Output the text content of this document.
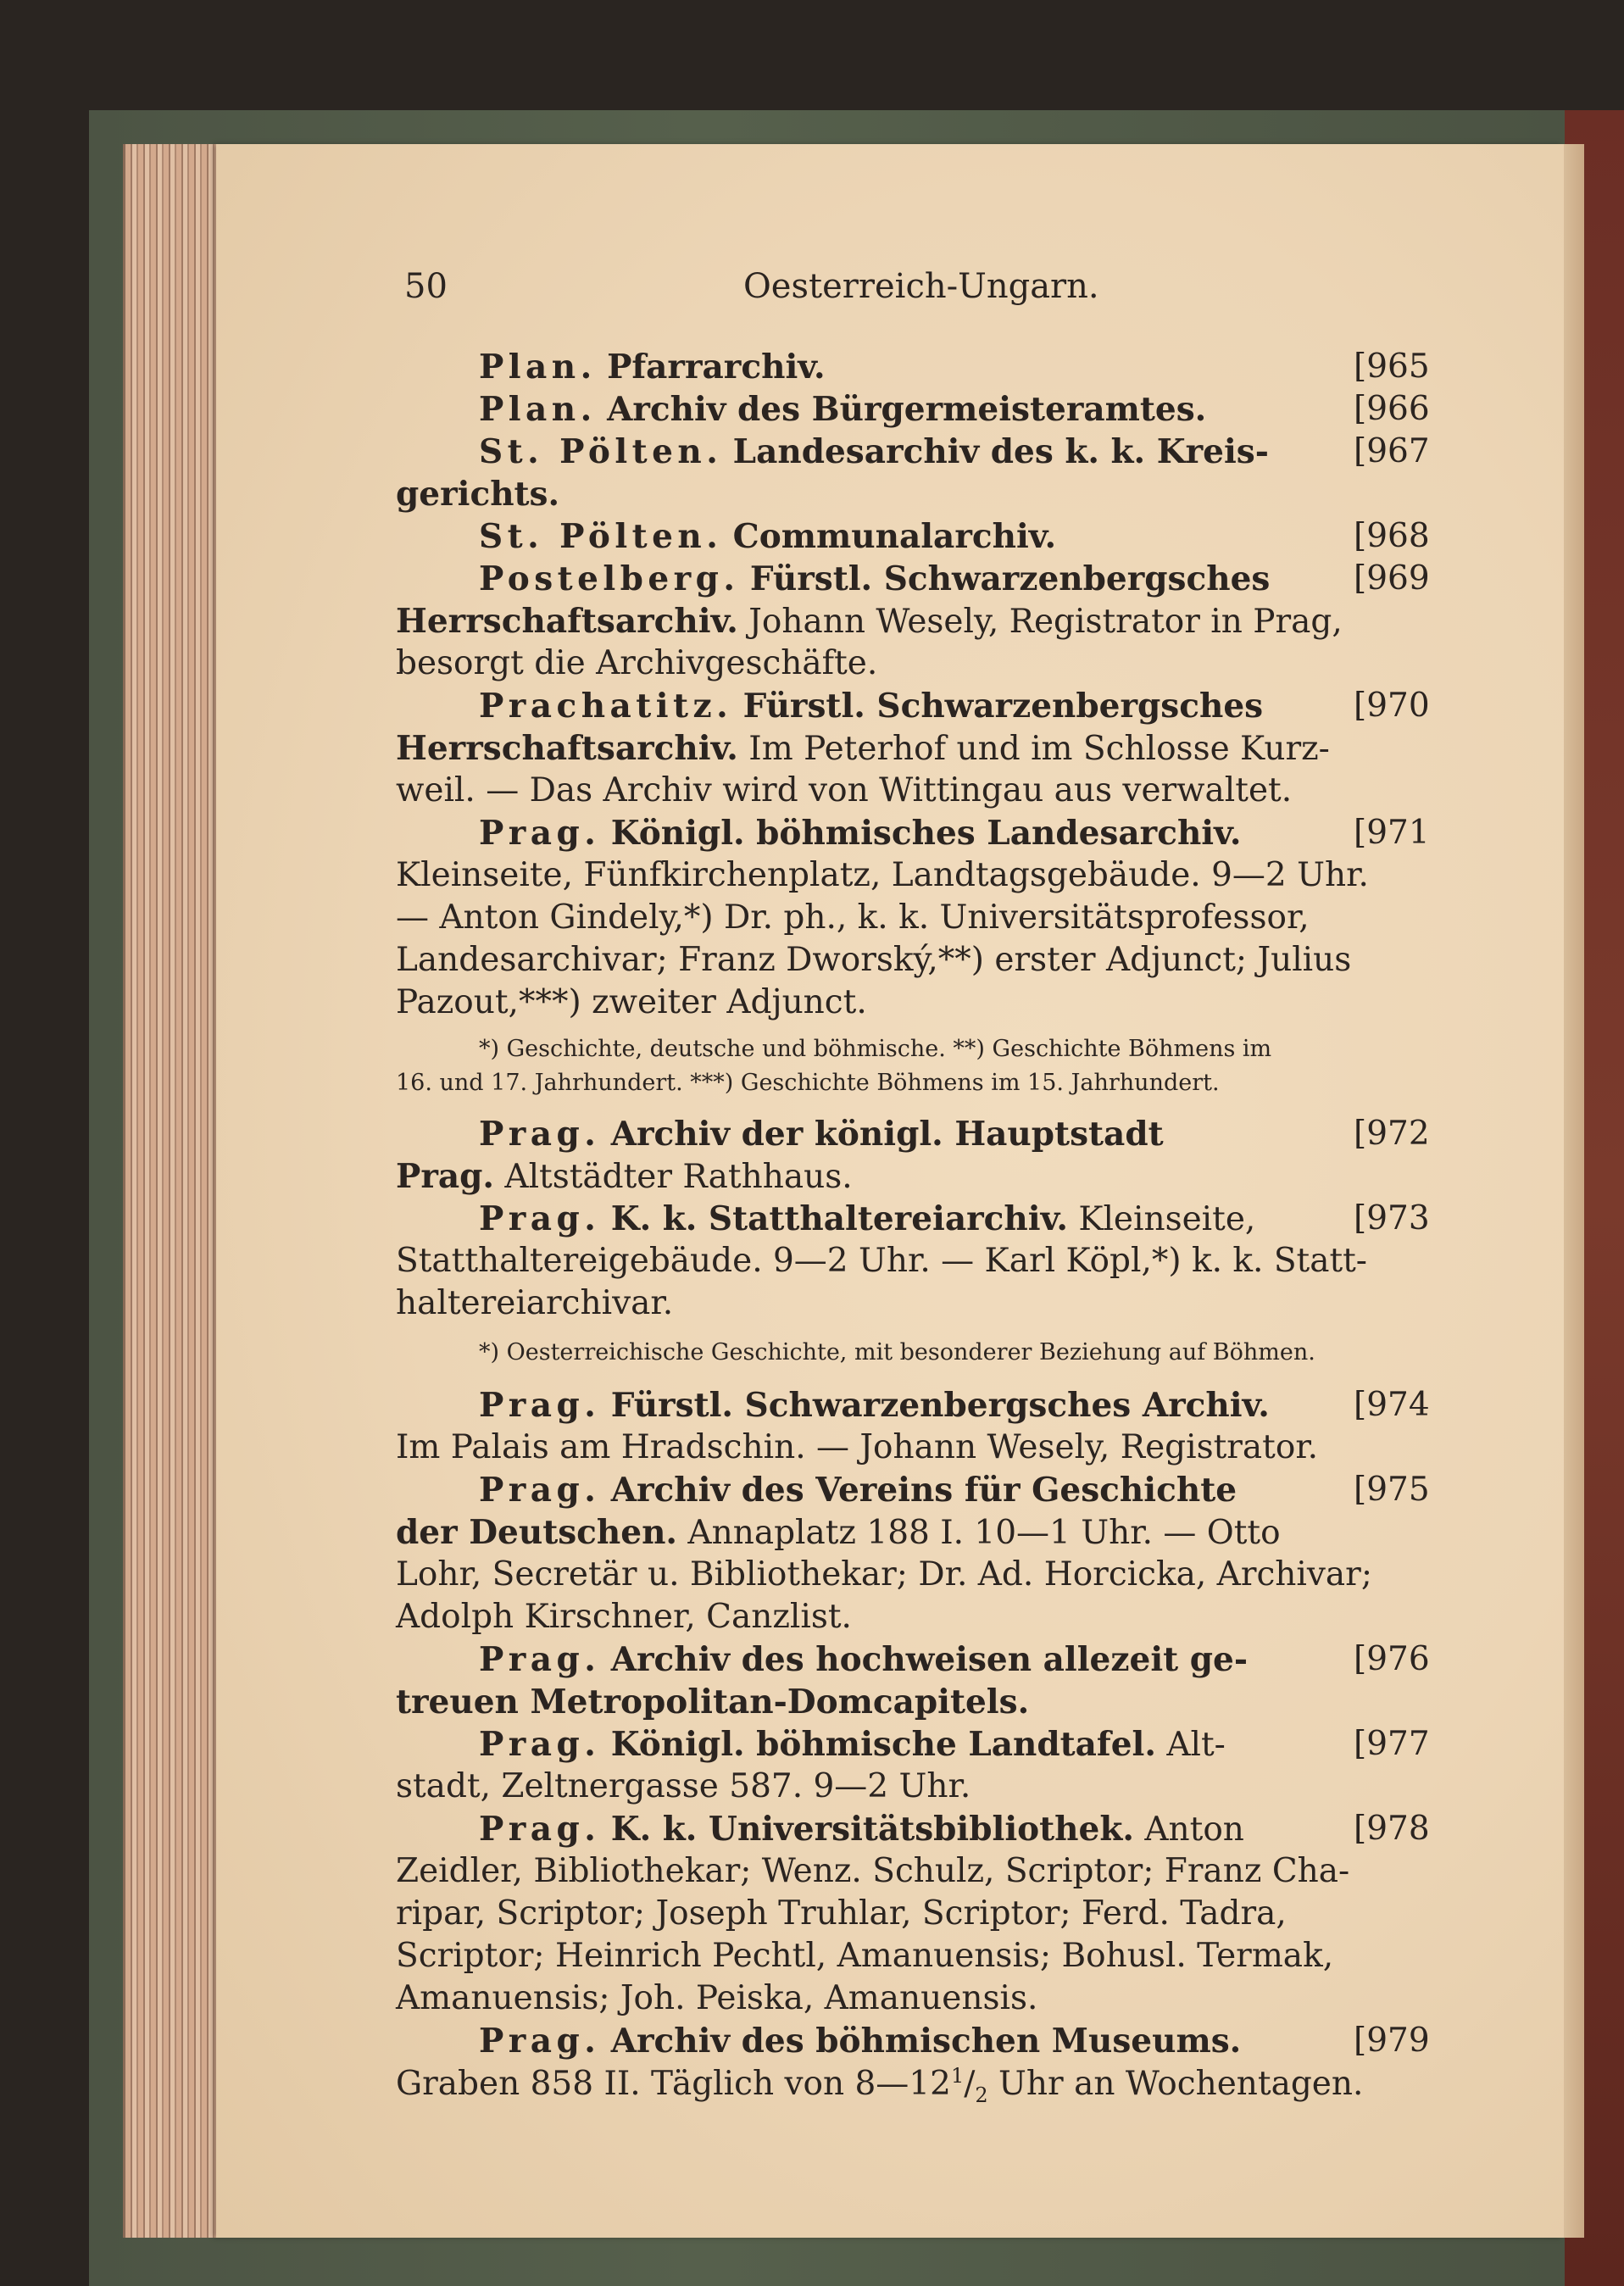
50	Oesterreich-Ungarn.
Plan. Pfarrarchiv.	[965
Plan. Archiv des Bürgermeisteramtes.	[966
St. Pölten. Landesarchiv des k. k. Kreis-	[967
gerichts.
St. Pölten. Communalarchiv.	[968
Postelberg. Fürstl. Schwarzenbergsches	[969
Herrschaftsarchiv. Johann Wesely, Registrator in Prag,
besorgt die Archivgeschäfte.
Prachatitz. Fürstl. Schwarzenbergsches	[970
Herrschaftsarchiv. Im Peterhof und im Schlosse Kurz-
weil. — Das Archiv wird von Wittingau aus verwaltet.
Prag. Königl. böhmisches Landesarchiv.	[971
Kleinseite, Fünfkirchenplatz, Landtagsgebäude. 9—2 Uhr.
— Anton Gindely,*) Dr. ph., k. k. Universitätsprofessor,
Landesarchivar; Franz Dworský,**) erster Adjunct; Julius
Pazout,***) zweiter Adjunct.
*) Geschichte, deutsche und böhmische. **) Geschichte Böhmens im
16. und 17. Jahrhundert. ***) Geschichte Böhmens im 15. Jahrhundert.
Prag. Archiv der königl. Hauptstadt	[972
Prag. Altstädter Rathhaus.
Prag. K. k. Statthaltereiarchiv. Kleinseite,	[973
Statthaltereigebäude. 9—2 Uhr. — Karl Köpl,*) k. k. Statt-
haltereiarchivar.
*) Oesterreichische Geschichte, mit besonderer Beziehung auf Böhmen.
Prag. Fürstl. Schwarzenbergsches Archiv.	[974
Im Palais am Hradschin. — Johann Wesely, Registrator.
Prag. Archiv des Vereins für Geschichte	[975
der Deutschen. Annaplatz 188 I. 10—1 Uhr. — Otto
Lohr, Secretär u. Bibliothekar; Dr. Ad. Horcicka, Archivar;
Adolph Kirschner, Canzlist.
Prag. Archiv des hochweisen allezeit ge-	[976
treuen Metropolitan-Domcapitels.
Prag. Königl. böhmische Landtafel. Alt-	[977
stadt, Zeltnergasse 587. 9—2 Uhr.
Prag. K. k. Universitätsbibliothek. Anton	[978
Zeidler, Bibliothekar; Wenz. Schulz, Scriptor; Franz Cha-
ripar, Scriptor; Joseph Truhlar, Scriptor; Ferd. Tadra,
Scriptor; Heinrich Pechtl, Amanuensis; Bohusl. Termak,
Amanuensis; Joh. Peiska, Amanuensis.
Prag. Archiv des böhmischen Museums.	[979
Graben 858 II. Täglich von $8—12^1/_2$ Uhr an Wochentagen.
